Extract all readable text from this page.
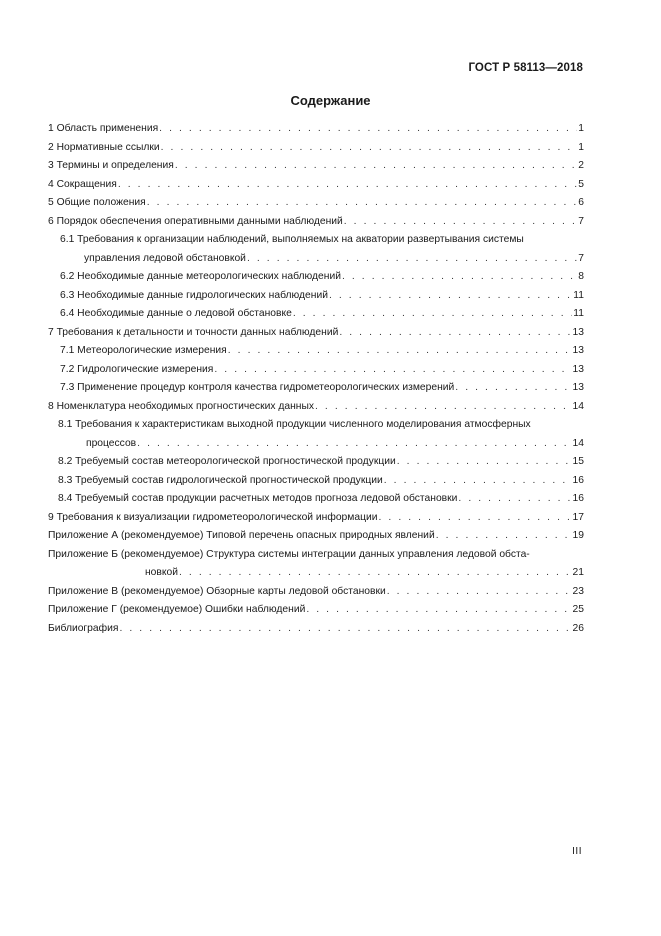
ГОСТ Р 58113—2018
Содержание
1 Область применения . . .	1
2 Нормативные ссылки . . .	1
3 Термины и определения . . .	2
4 Сокращения . . .	5
5 Общие положения . . .	6
6 Порядок обеспечения оперативными данными наблюдений . . .	7
6.1 Требования к организации наблюдений, выполняемых на акватории развертывания системы
управления ледовой обстановкой . . .	7
6.2 Необходимые данные метеорологических наблюдений . . .	8
6.3 Необходимые данные гидрологических наблюдений . . .	11
6.4 Необходимые данные о ледовой обстановке . . .	11
7 Требования к детальности и точности данных наблюдений . . .	13
7.1 Метеорологические измерения . . .	13
7.2 Гидрологические измерения . . .	13
7.3 Применение процедур контроля качества гидрометеорологических измерений . . .	13
8 Номенклатура необходимых прогностических данных . . .	14
8.1 Требования к характеристикам выходной продукции численного моделирования атмосферных
процессов . . .	14
8.2 Требуемый состав метеорологической прогностической продукции . . .	15
8.3 Требуемый состав гидрологической прогностической продукции . . .	16
8.4 Требуемый состав продукции расчетных методов прогноза ледовой обстановки . . .	16
9 Требования к визуализации гидрометеорологической информации . . .	17
Приложение А (рекомендуемое) Типовой перечень опасных природных явлений . . .	19
Приложение Б (рекомендуемое) Структура системы интеграции данных управления ледовой обста-
новкой . . .	21
Приложение В (рекомендуемое) Обзорные карты ледовой обстановки . . .	23
Приложение Г (рекомендуемое) Ошибки наблюдений . . .	25
Библиография . . .	26
III
